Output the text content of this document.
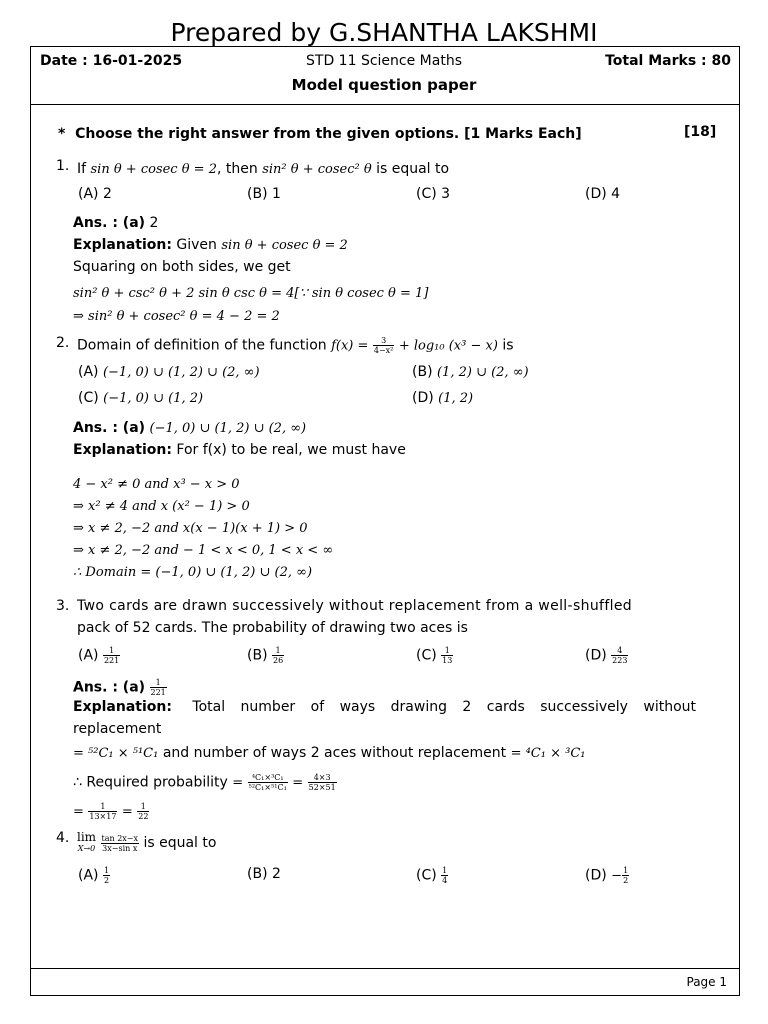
Prepared by G.SHANTHA LAKSHMI
Date : 16-01-2025	STD 11 Science Maths	Total Marks : 80
Model question paper
* Choose the right answer from the given options. [1 Marks Each]	[18]
1. If sin θ + cosec θ = 2, then sin² θ + cosec² θ is equal to
(A) 2	(B) 1	(C) 3	(D) 4
Ans. : (a) 2
Explanation: Given sin θ + cosec θ = 2
Squaring on both sides, we get
sin² θ + csc² θ + 2 sin θ csc θ = 4[∵ sin θ cosec θ = 1]
⇒ sin² θ + cosec² θ = 4 − 2 = 2
2. Domain of definition of the function $f(x) = \frac{3}{\text{4−x²}} + \log_{10}$ (x³ − x) is
(A) (−1, 0) ∪ (1, 2) ∪ (2, ∞)	(B) (1, 2) ∪ (2, ∞)
(C) (−1, 0) ∪ (1, 2)	(D) (1, 2)
Ans. : (a) (−1, 0) ∪ (1, 2) ∪ (2, ∞)
Explanation: For f(x) to be real, we must have
4 − x² ≠ 0 and x³ − x > 0
⇒ x² ≠ 4 and x (x² − 1) > 0
⇒ x ≠ 2, −2 and x(x − 1)(x + 1) > 0
⇒ x ≠ 2, −2 and − 1 < x < 0, 1 < x < ∞
∴ Domain = (−1, 0) ∪ (1, 2) ∪ (2, ∞)
3. Two cards are drawn successively without replacement from a well-shuffled
pack of 52 cards. The probability of drawing two aces is
$(A) \frac{1}{221}$	$(B) \frac{1}{26}$	$(C) \frac{1}{13}$	$(D) \frac{4}{223}$
Ans. : $(a) \frac{1}{221}$
Explanation: Total number of ways drawing 2 cards successively without
replacement
= ⁵²C₁ × ⁵¹C₁ and number of ways 2 aces without replacement = ⁴C₁ × ³C₁
∴ Required probability = $\frac{\text{⁴C₁×³C₁}}{\text{⁵²C₁×⁵¹C₁}} = \frac{4\times 3}{52\times 51}$
= $\frac{1}{13\times 17} = \frac{1}{22}$
4. lim
X→0
$\frac{\tan 2x-x}{\text{3x−sin x}}$ is equal to
$(A) \frac{1}{2}$	(B) 2	$(C) \frac{1}{4}$	$(D) - \frac{1}{2}$
Page 1
